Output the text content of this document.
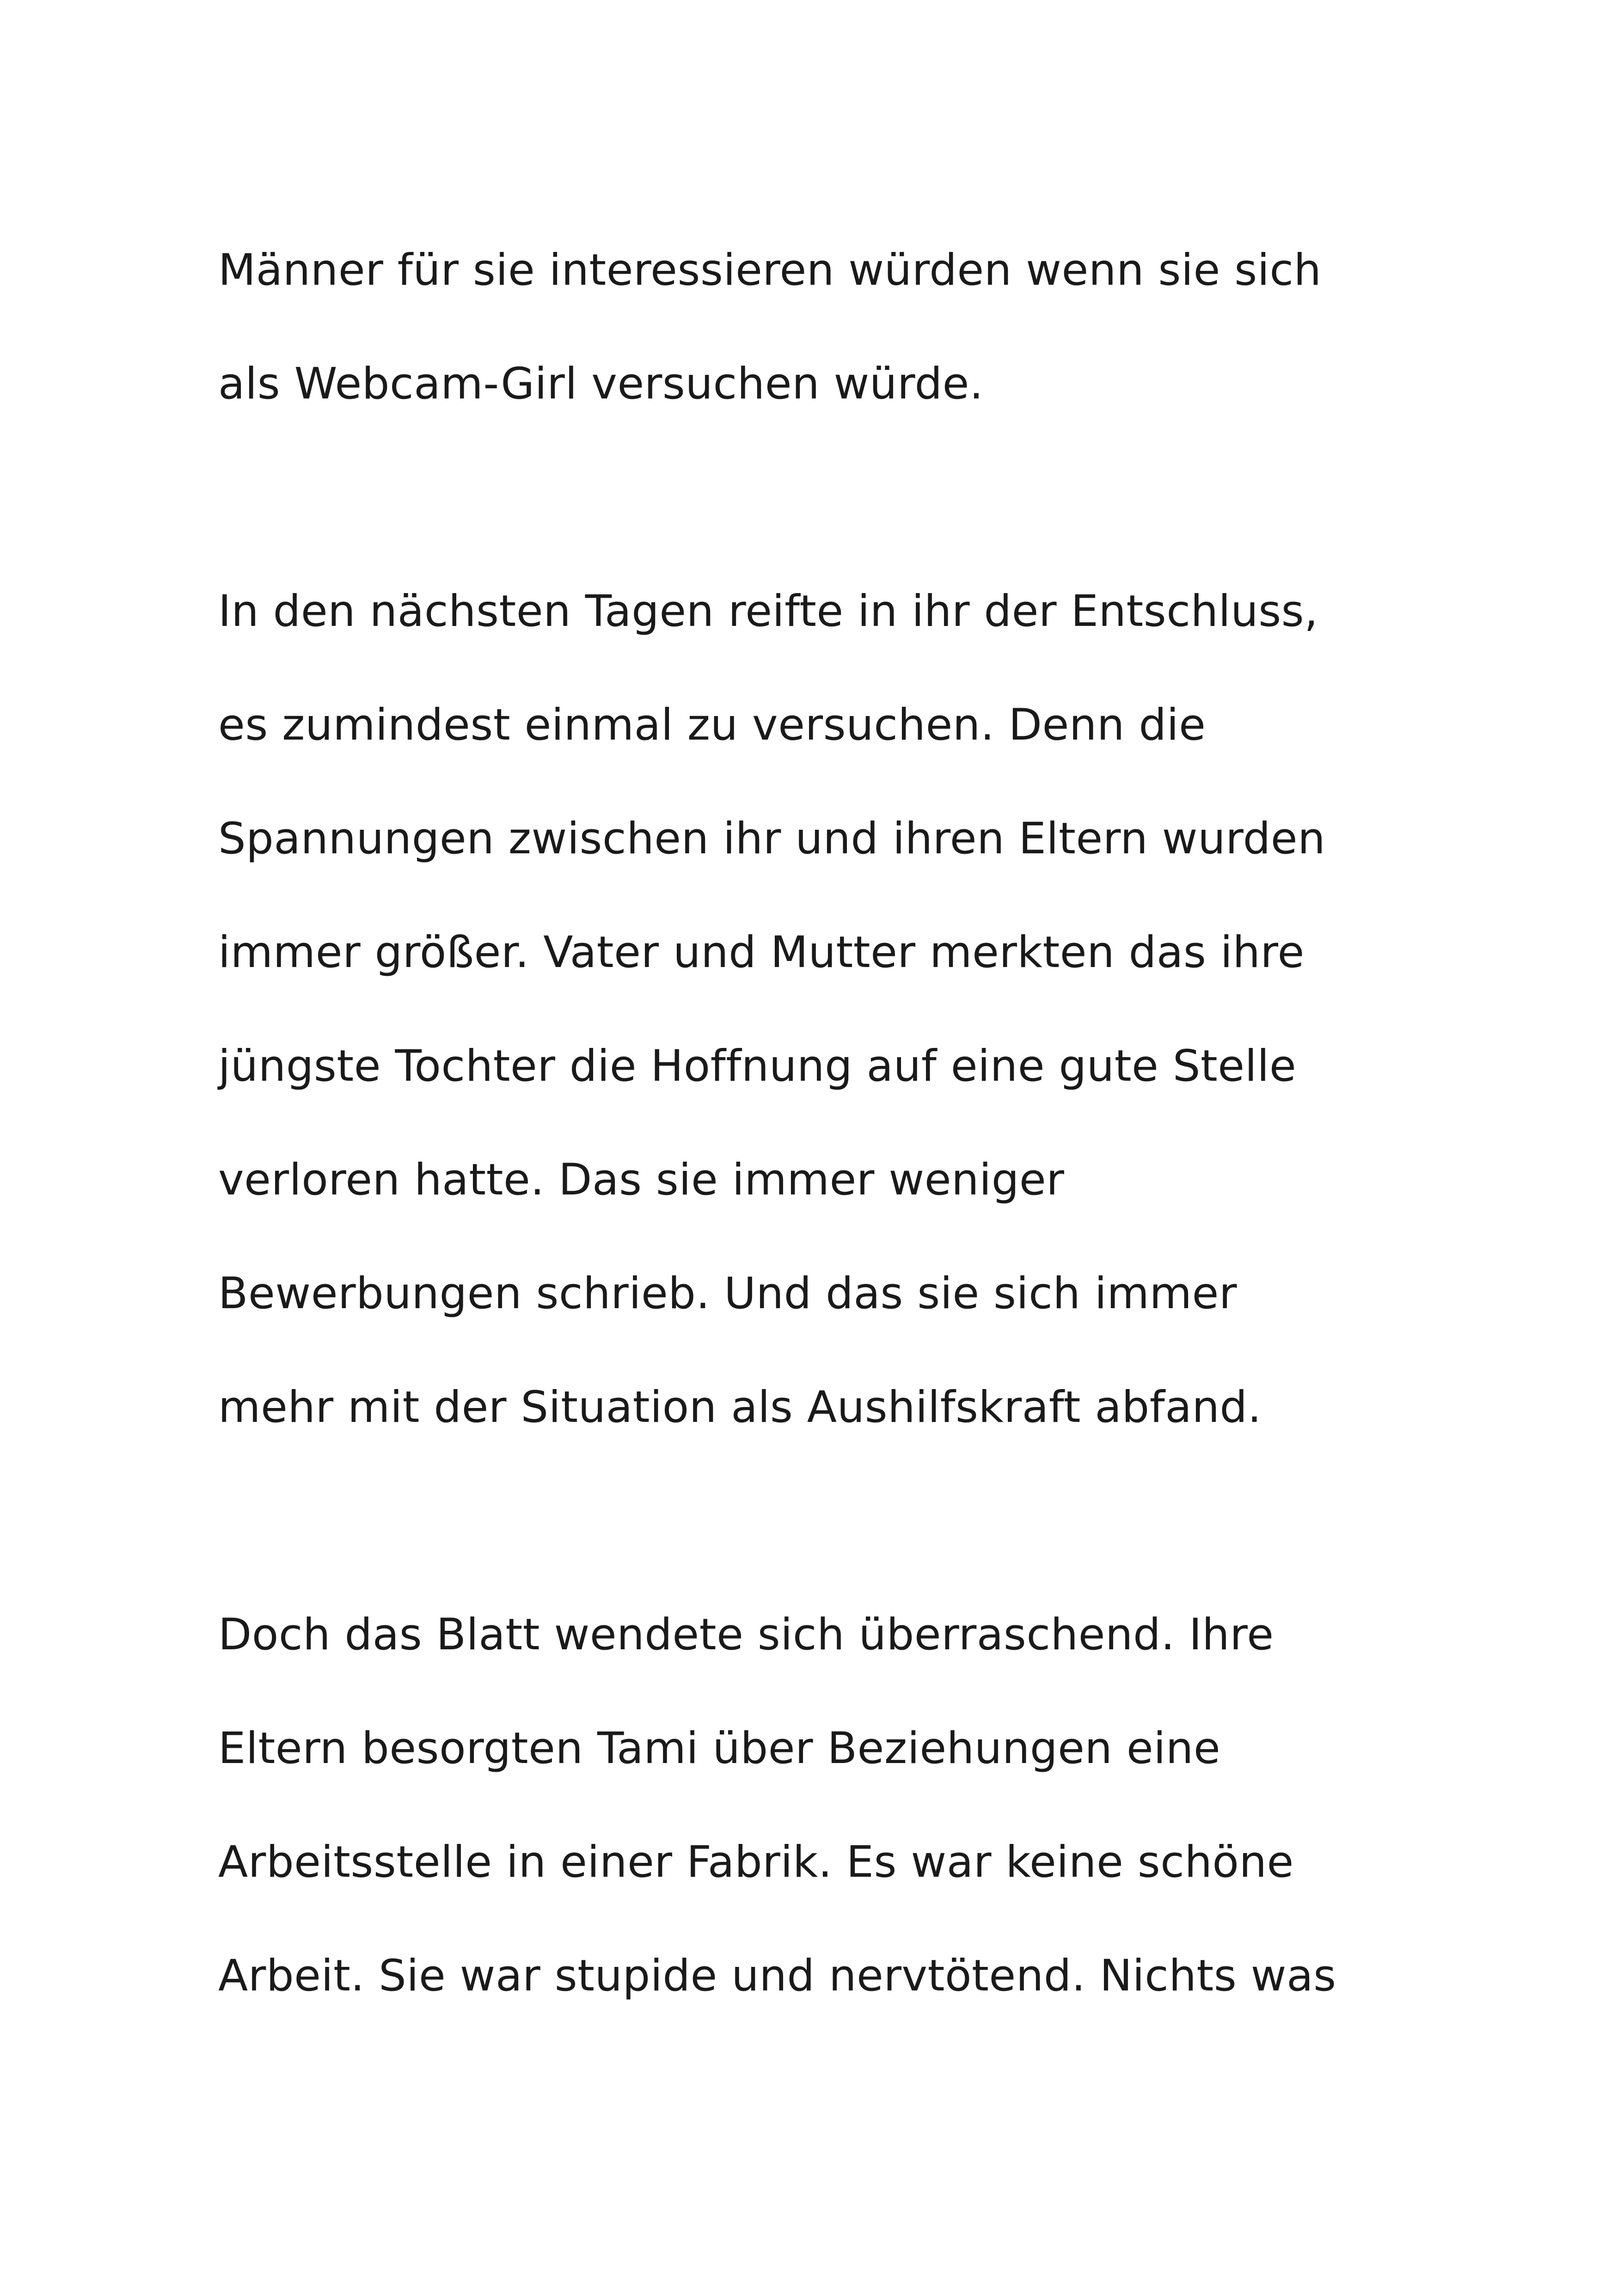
Männer für sie interessieren würden wenn sie sich
als Webcam-Girl versuchen würde.
In den nächsten Tagen reifte in ihr der Entschluss,
es zumindest einmal zu versuchen. Denn die
Spannungen zwischen ihr und ihren Eltern wurden
immer größer. Vater und Mutter merkten das ihre
jüngste Tochter die Hoffnung auf eine gute Stelle
verloren hatte. Das sie immer weniger
Bewerbungen schrieb. Und das sie sich immer
mehr mit der Situation als Aushilfskraft abfand.
Doch das Blatt wendete sich überraschend. Ihre
Eltern besorgten Tami über Beziehungen eine
Arbeitsstelle in einer Fabrik. Es war keine schöne
Arbeit. Sie war stupide und nervtötend. Nichts was
